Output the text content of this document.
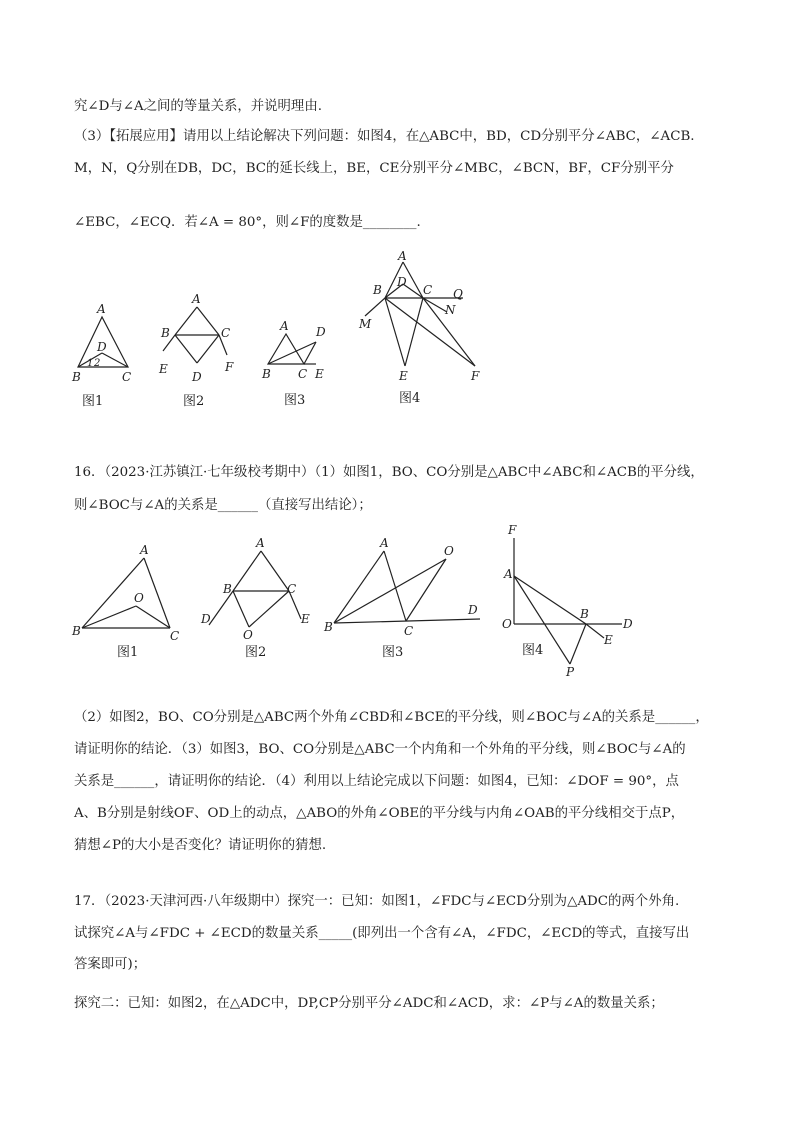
究∠D与∠A之间的等量关系，并说明理由.
（3）【拓展应用】请用以上结论解决下列问题：如图4，在△ABC中，BD，CD分别平分∠ABC，∠ACB.
M，N，Q分别在DB，DC，BC的延长线上，BE，CE分别平分∠MBC，∠BCN，BF，CF分别平分
∠EBC，∠ECQ．若∠A = 80°，则∠F的度数是________.
A
D
1 2
B	C
图1
A
B	C
E
D
F
图2
A D
B C E
图3
A
B
D
C Q
N
M
E	F
图4
16．（2023·江苏镇江·七年级校考期中）（1）如图1，BO、CO分别是△ABC中∠ABC和∠ACB的平分线，
则∠BOC与∠A的关系是______（直接写出结论）；
A
O
B	C
图1
A
B	C
D	E
O
图2
A
O
B	C
D
图3
F
A
O
B
D
E
P
图4
（2）如图2，BO、CO分别是△ABC两个外角∠CBD和∠BCE的平分线，则∠BOC与∠A的关系是______，
请证明你的结论．（3）如图3，BO、CO分别是△ABC一个内角和一个外角的平分线，则∠BOC与∠A的
关系是______，请证明你的结论．（4）利用以上结论完成以下问题：如图4，已知：∠DOF = 90°，点
A、B分别是射线OF、OD上的动点，△ABO的外角∠OBE的平分线与内角∠OAB的平分线相交于点P，
猜想∠P的大小是否变化？请证明你的猜想.
17．（2023·天津河西·八年级期中）探究一：已知：如图1，∠FDC与∠ECD分别为△ADC的两个外角.
试探究∠A与∠FDC + ∠ECD的数量关系_____(即列出一个含有∠A，∠FDC，∠ECD的等式，直接写出
答案即可)；
探究二：已知：如图2，在△ADC中，DP,CP分别平分∠ADC和∠ACD，求：∠P与∠A的数量关系；
